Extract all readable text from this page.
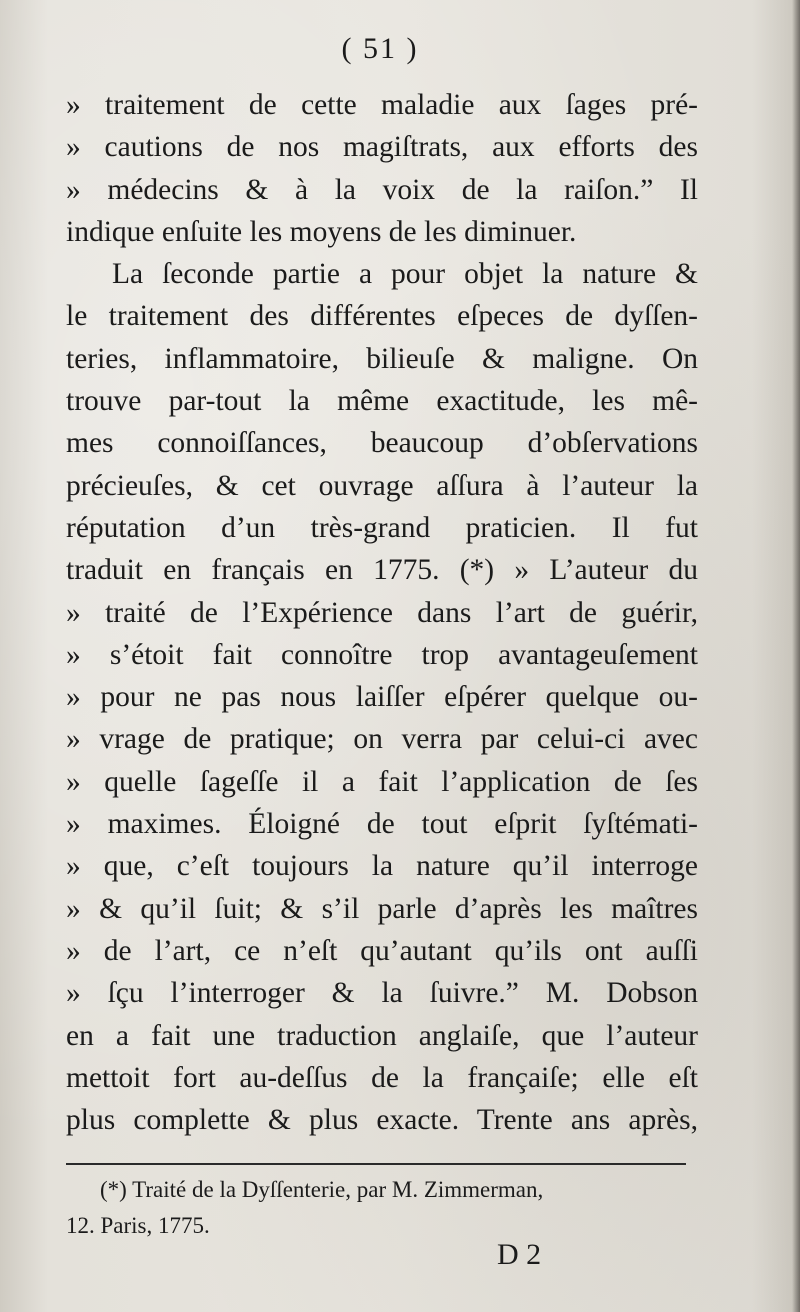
( 51 )

» traitement de cette maladie aux ſages pré-
» cautions de nos magiſtrats, aux efforts des
» médecins & à la voix de la raiſon.” Il
indique enſuite les moyens de les diminuer.
La ſeconde partie a pour objet la nature &
le traitement des différentes eſpeces de dyſſen-
teries, inflammatoire, bilieuſe & maligne. On
trouve par-tout la même exactitude, les mê-
mes connoiſſances, beaucoup d’obſervations
précieuſes, & cet ouvrage aſſura à l’auteur la
réputation d’un très-grand praticien. Il fut
traduit en français en 1775. (*) » L’auteur du
» traité de l’Expérience dans l’art de guérir,
» s’étoit fait connoître trop avantageuſement
» pour ne pas nous laiſſer eſpérer quelque ou-
» vrage de pratique; on verra par celui-ci avec
» quelle ſageſſe il a fait l’application de ſes
» maximes. Éloigné de tout eſprit ſyſtémati-
» que, c’eſt toujours la nature qu’il interroge
» & qu’il ſuit; & s’il parle d’après les maîtres
» de l’art, ce n’eſt qu’autant qu’ils ont auſſi
» ſçu l’interroger & la ſuivre.” M. Dobson
en a fait une traduction anglaiſe, que l’auteur
mettoit fort au-deſſus de la françaiſe; elle eſt
plus complette & plus exacte. Trente ans après,
(*) Traité de la Dyſſenterie, par M. Zimmerman,
12. Paris, 1775.

D 2
